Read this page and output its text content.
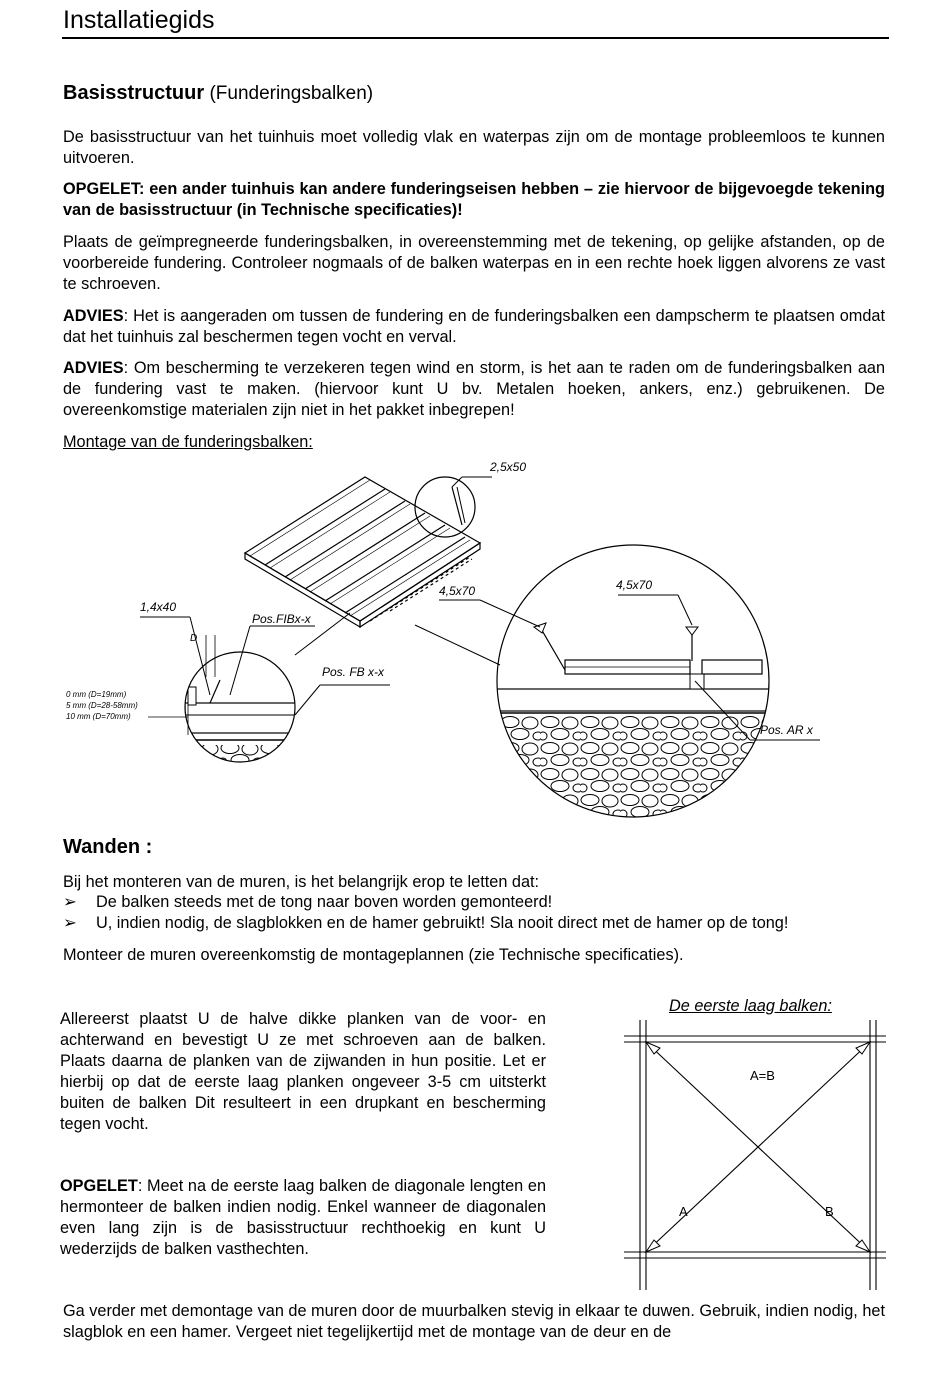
Installatiegids
Basisstructuur (Funderingsbalken)
De basisstructuur van het tuinhuis moet volledig vlak en waterpas zijn om de montage probleemloos te kunnen uitvoeren.
OPGELET: een ander tuinhuis kan andere funderingseisen hebben – zie hiervoor de bijgevoegde tekening van de basisstructuur (in Technische specificaties)!
Plaats de geïmpregneerde funderingsbalken, in overeenstemming met de tekening, op gelijke afstanden, op de voorbereide fundering. Controleer nogmaals of de balken waterpas en in een rechte hoek liggen alvorens ze vast te schroeven.
ADVIES: Het is aangeraden om tussen de fundering en de funderingsbalken een dampscherm te plaatsen omdat dat het tuinhuis zal beschermen tegen vocht en verval.
ADVIES: Om bescherming te verzekeren tegen wind en storm, is het aan te raden om de funderingsbalken aan de fundering vast te maken. (hiervoor kunt U bv. Metalen hoeken, ankers, enz.) gebruikenen. De overeenkomstige materialen zijn niet in het pakket inbegrepen!
Montage van de funderingsbalken:
2,5x50
1,4x40
D
Pos.FIBx-x
4,5x70	4,5x70
Pos. FB x-x
Pos. AR x
0 mm (D=19mm)
5 mm (D=28-58mm)
10 mm (D=70mm)
Wanden :
Bij het monteren van de muren, is het belangrijk erop te letten dat:
➢ De balken steeds met de tong naar boven worden gemonteerd!
➢ U, indien nodig, de slagblokken en de hamer gebruikt! Sla nooit direct met de hamer op de tong!
Monteer de muren overeenkomstig de montageplannen (zie Technische specificaties).
Allereerst plaatst U de halve dikke planken van de voor- en achterwand en bevestigt U ze met schroeven aan de balken. Plaats daarna de planken van de zijwanden in hun positie. Let er hierbij op dat de eerste laag planken ongeveer 3-5 cm uitsterkt buiten de balken Dit resulteert in een drupkant en bescherming tegen vocht.
OPGELET: Meet na de eerste laag balken de diagonale lengten en hermonteer de balken indien nodig. Enkel wanneer de diagonalen even lang zijn is de basisstructuur rechthoekig en kunt U wederzijds de balken vasthechten.
De eerste laag balken:
A=B
A	B
Ga verder met demontage van de muren door de muurbalken stevig in elkaar te duwen. Gebruik, indien nodig, het slagblok en een hamer. Vergeet niet tegelijkertijd met de montage van de deur en de
